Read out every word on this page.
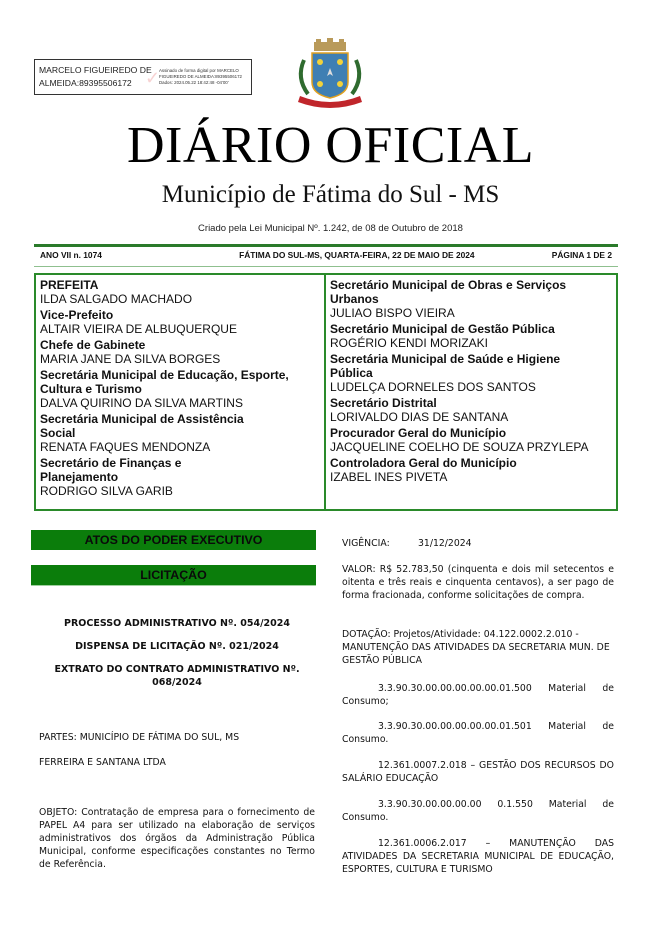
MARCELO FIGUEIREDO DE
ALMEIDA:89395506172 ✓
Assinado de forma digital por MARCELO
FIGUEIREDO DE ALMEIDA:89395506172
Dados: 2024.05.22 18:42:48 -04'00'
DIÁRIO OFICIAL
Município de Fátima do Sul - MS
Criado pela Lei Municipal Nº. 1.242, de 08 de Outubro de 2018
ANO VII n. 1074	FÁTIMA DO SUL-MS, QUARTA-FEIRA, 22 DE MAIO DE 2024	PÁGINA 1 DE 2
PREFEITA
ILDA SALGADO MACHADO
Vice-Prefeito
ALTAIR VIEIRA DE ALBUQUERQUE
Chefe de Gabinete
MARIA JANE DA SILVA BORGES
Secretária Municipal de Educação, Esporte, Cultura e Turismo
DALVA QUIRINO DA SILVA MARTINS
Secretária Municipal de Assistência Social
RENATA FAQUES MENDONZA
Secretário de Finanças e Planejamento
RODRIGO SILVA GARIB
Secretário Municipal de Obras e Serviços Urbanos
JULIAO BISPO VIEIRA
Secretário Municipal de Gestão Pública
ROGÉRIO KENDI MORIZAKI
Secretária Municipal de Saúde e Higiene Pública
LUDELÇA DORNELES DOS SANTOS
Secretário Distrital
LORIVALDO DIAS DE SANTANA
Procurador Geral do Município
JACQUELINE COELHO DE SOUZA PRZYLEPA
Controladora Geral do Município
IZABEL INES PIVETA
ATOS DO PODER EXECUTIVO
LICITAÇÃO
PROCESSO ADMINISTRATIVO Nº. 054/2024
DISPENSA DE LICITAÇÃO Nº. 021/2024
EXTRATO DO CONTRATO ADMINISTRATIVO Nº. 068/2024
PARTES: MUNICÍPIO DE FÁTIMA DO SUL, MS
FERREIRA E SANTANA LTDA
OBJETO: Contratação de empresa para o fornecimento de PAPEL A4 para ser utilizado na elaboração de serviços administrativos dos órgãos da Administração Pública Municipal, conforme especificações constantes no Termo de Referência.
VIGÊNCIA:	31/12/2024
VALOR: R$ 52.783,50 (cinquenta e dois mil setecentos e oitenta e três reais e cinquenta centavos), a ser pago de forma fracionada, conforme solicitações de compra.
DOTAÇÃO: Projetos/Atividade: 04.122.0002.2.010 - MANUTENÇÃO DAS ATIVIDADES DA SECRETARIA MUN. DE GESTÃO PÚBLICA
3.3.90.30.00.00.00.00.00.01.500 Material de Consumo;
3.3.90.30.00.00.00.00.00.01.501 Material de Consumo.
12.361.0007.2.018 – GESTÃO DOS RECURSOS DO SALÁRIO EDUCAÇÃO
3.3.90.30.00.00.00.00 0.1.550 Material de Consumo.
12.361.0006.2.017 – MANUTENÇÃO DAS ATIVIDADES DA SECRETARIA MUNICIPAL DE EDUCAÇÃO, ESPORTES, CULTURA E TURISMO
